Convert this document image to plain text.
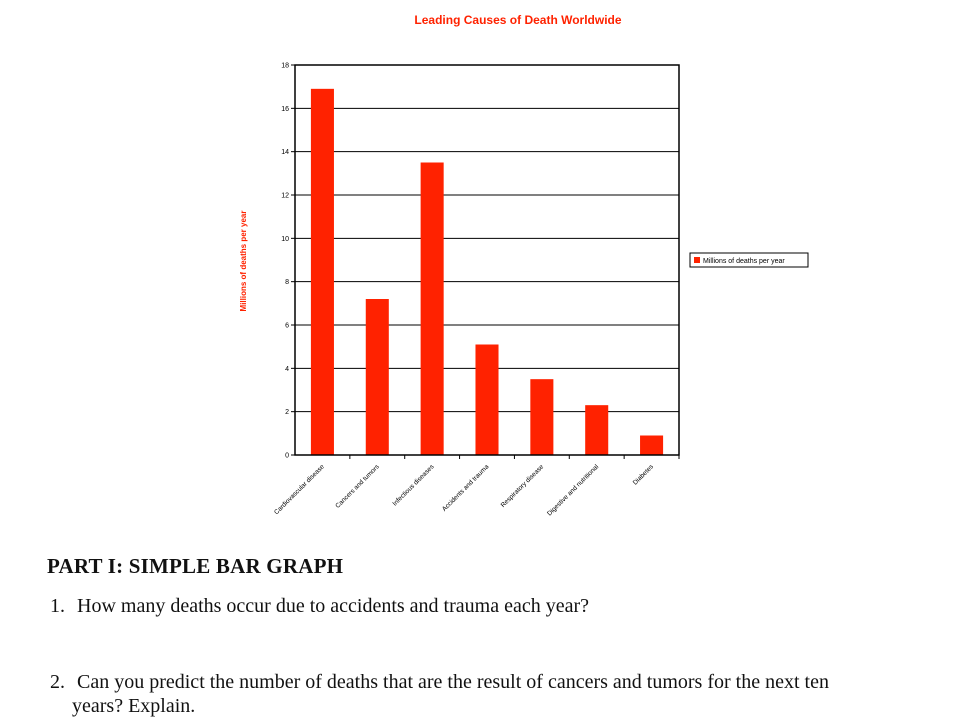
Leading Causes of Death Worldwide
Millions of deaths per year
0
2
4
6
8
10
12
14
16
18
Cardiovascular disease Cancers and tumors Infectious diseases Accidents and trauma Respiratory disease Digestive and nutritional	Diabetes
Millions of deaths per year
PART I: SIMPLE BAR GRAPH
1. How many deaths occur due to accidents and trauma each year?
2. Can you predict the number of deaths that are the result of cancers and tumors for the next ten
years? Explain.
